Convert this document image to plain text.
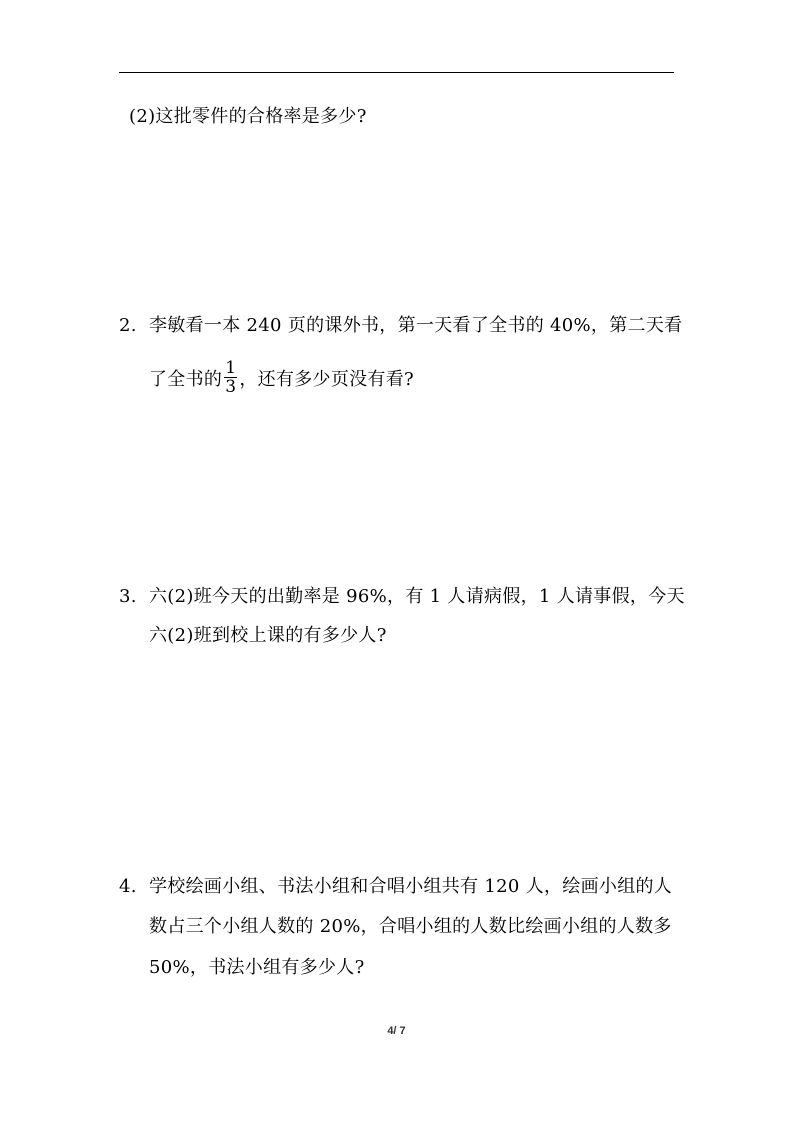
(2)这批零件的合格率是多少?
2. 李敏看一本 240 页的课外书，第一天看了全书的 40%，第二天看
了全书的 $\frac{1}{3}$ ，还有多少页没有看?
3. 六(2)班今天的出勤率是 96%，有 1 人请病假，1 人请事假，今天
六(2)班到校上课的有多少人?
4. 学校绘画小组、书法小组和合唱小组共有 120 人，绘画小组的人
数占三个小组人数的 20%，合唱小组的人数比绘画小组的人数多
50%，书法小组有多少人?
4/ 7
